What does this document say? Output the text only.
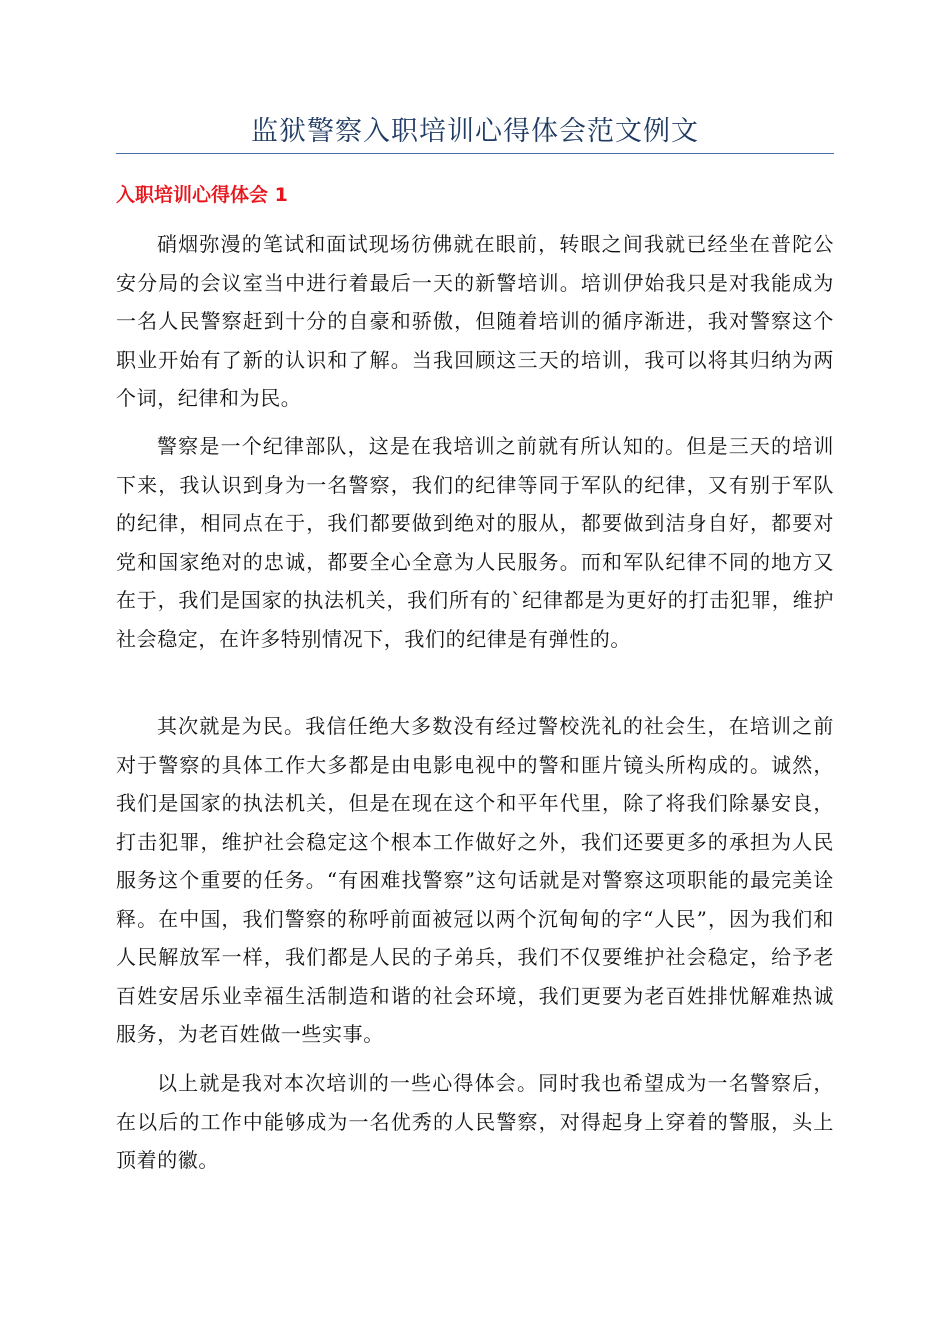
监狱警察入职培训心得体会范文例文
入职培训心得体会 1

硝烟弥漫的笔试和面试现场彷佛就在眼前，转眼之间我就已经坐在普陀公安分局的会议室当中进行着最后一天的新警培训。培训伊始我只是对我能成为一名人民警察赶到十分的自豪和骄傲，但随着培训的循序渐进，我对警察这个职业开始有了新的认识和了解。当我回顾这三天的培训，我可以将其归纳为两个词，纪律和为民。

警察是一个纪律部队，这是在我培训之前就有所认知的。但是三天的培训下来，我认识到身为一名警察，我们的纪律等同于军队的纪律，又有别于军队的纪律，相同点在于，我们都要做到绝对的服从，都要做到洁身自好，都要对党和国家绝对的忠诚，都要全心全意为人民服务。而和军队纪律不同的地方又在于，我们是国家的执法机关，我们所有的`纪律都是为更好的打击犯罪，维护社会稳定，在许多特别情况下，我们的纪律是有弹性的。

其次就是为民。我信任绝大多数没有经过警校洗礼的社会生，在培训之前对于警察的具体工作大多都是由电影电视中的警和匪片镜头所构成的。诚然，我们是国家的执法机关，但是在现在这个和平年代里，除了将我们除暴安良，打击犯罪，维护社会稳定这个根本工作做好之外，我们还要更多的承担为人民服务这个重要的任务。“有困难找警察”这句话就是对警察这项职能的最完美诠释。在中国，我们警察的称呼前面被冠以两个沉甸甸的字“人民”，因为我们和人民解放军一样，我们都是人民的子弟兵，我们不仅要维护社会稳定，给予老百姓安居乐业幸福生活制造和谐的社会环境，我们更要为老百姓排忧解难热诚服务，为老百姓做一些实事。

以上就是我对本次培训的一些心得体会。同时我也希望成为一名警察后，在以后的工作中能够成为一名优秀的人民警察，对得起身上穿着的警服，头上顶着的徽。
